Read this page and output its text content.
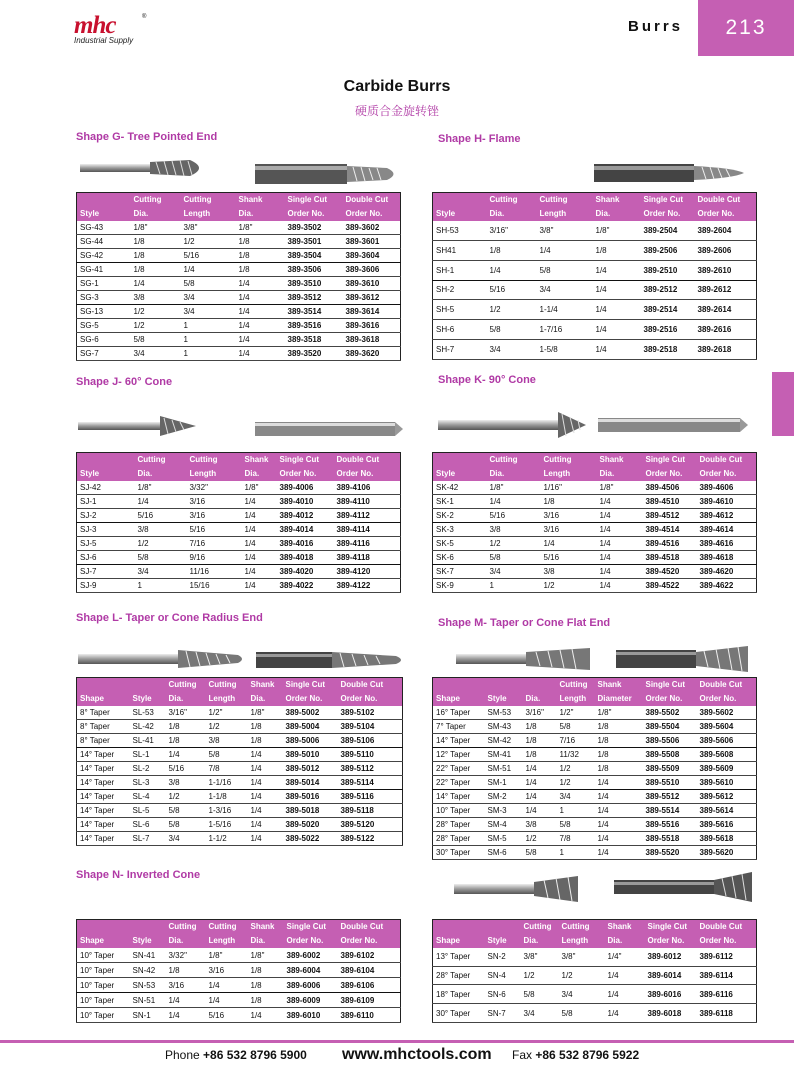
mhc	®
Industrial Supply
Burrs	213
Carbide Burrs
硬质合金旋转锉
Shape G- Tree Pointed End	Shape H- Flame
Shape J- 60° Cone	Shape K- 90° Cone
Shape L- Taper or Cone Radius End	Shape M- Taper or Cone Flat End
Shape N- Inverted Cone
	Cutting	Cutting	Shank	Single Cut	Double Cut
Style	Dia.	Length	Dia.	Order No.	Order No.
SG-43	1/8"	3/8"	1/8"	389-3502	389-3602
SG-44	1/8	1/2	1/8	389-3501	389-3601
SG-42	1/8	5/16	1/8	389-3504	389-3604
SG-41	1/8	1/4	1/8	389-3506	389-3606
SG-1	1/4	5/8	1/4	389-3510	389-3610
SG-3	3/8	3/4	1/4	389-3512	389-3612
SG-13	1/2	3/4	1/4	389-3514	389-3614
SG-5	1/2	1	1/4	389-3516	389-3616
SG-6	5/8	1	1/4	389-3518	389-3618
SG-7	3/4	1	1/4	389-3520	389-3620
	Cutting	Cutting	Shank	Single Cut	Double Cut
Style	Dia.	Length	Dia.	Order No.	Order No.
SH-53	3/16"	3/8"	1/8"	389-2504	389-2604
SH41	1/8	1/4	1/8	389-2506	389-2606
SH-1	1/4	5/8	1/4	389-2510	389-2610
SH-2	5/16	3/4	1/4	389-2512	389-2612
SH-5	1/2	1-1/4	1/4	389-2514	389-2614
SH-6	5/8	1-7/16	1/4	389-2516	389-2616
SH-7	3/4	1-5/8	1/4	389-2518	389-2618
	Cutting	Cutting	Shank	Single Cut	Double Cut
Style	Dia.	Length	Dia.	Order No.	Order No.
SJ-42	1/8"	3/32"	1/8"	389-4006	389-4106
SJ-1	1/4	3/16	1/4	389-4010	389-4110
SJ-2	5/16	3/16	1/4	389-4012	389-4112
SJ-3	3/8	5/16	1/4	389-4014	389-4114
SJ-5	1/2	7/16	1/4	389-4016	389-4116
SJ-6	5/8	9/16	1/4	389-4018	389-4118
SJ-7	3/4	11/16	1/4	389-4020	389-4120
SJ-9	1	15/16	1/4	389-4022	389-4122
	Cutting	Cutting	Shank	Single Cut	Double Cut
Style	Dia.	Length	Dia.	Order No.	Order No.
SK-42	1/8"	1/16"	1/8"	389-4506	389-4606
SK-1	1/4	1/8	1/4	389-4510	389-4610
SK-2	5/16	3/16	1/4	389-4512	389-4612
SK-3	3/8	3/16	1/4	389-4514	389-4614
SK-5	1/2	1/4	1/4	389-4516	389-4616
SK-6	5/8	5/16	1/4	389-4518	389-4618
SK-7	3/4	3/8	1/4	389-4520	389-4620
SK-9	1	1/2	1/4	389-4522	389-4622
		Cutting	Cutting	Shank	Single Cut	Double Cut
Shape	Style	Dia.	Length	Dia.	Order No.	Order No.
8° Taper	SL-53	3/16"	1/2"	1/8"	389-5002	389-5102
8° Taper	SL-42	1/8	1/2	1/8	389-5004	389-5104
8° Taper	SL-41	1/8	3/8	1/8	389-5006	389-5106
14° Taper	SL-1	1/4	5/8	1/4	389-5010	389-5110
14° Taper	SL-2	5/16	7/8	1/4	389-5012	389-5112
14° Taper	SL-3	3/8	1-1/16	1/4	389-5014	389-5114
14° Taper	SL-4	1/2	1-1/8	1/4	389-5016	389-5116
14° Taper	SL-5	5/8	1-3/16	1/4	389-5018	389-5118
14° Taper	SL-6	5/8	1-5/16	1/4	389-5020	389-5120
14° Taper	SL-7	3/4	1-1/2	1/4	389-5022	389-5122
			Cutting	Shank	Single Cut	Double Cut
Shape	Style	Dia.	Length	Diameter	Order No.	Order No.
16° Taper	SM-53	3/16"	1/2"	1/8"	389-5502	389-5602
7° Taper	SM-43	1/8	5/8	1/8	389-5504	389-5604
14° Taper	SM-42	1/8	7/16	1/8	389-5506	389-5606
12° Taper	SM-41	1/8	11/32	1/8	389-5508	389-5608
22° Taper	SM-51	1/4	1/2	1/8	389-5509	389-5609
22° Taper	SM-1	1/4	1/2	1/4	389-5510	389-5610
14° Taper	SM-2	1/4	3/4	1/4	389-5512	389-5612
10° Taper	SM-3	1/4	1	1/4	389-5514	389-5614
28° Taper	SM-4	3/8	5/8	1/4	389-5516	389-5616
28° Taper	SM-5	1/2	7/8	1/4	389-5518	389-5618
30° Taper	SM-6	5/8	1	1/4	389-5520	389-5620
		Cutting	Cutting	Shank	Single Cut	Double Cut
Shape	Style	Dia.	Length	Dia.	Order No.	Order No.
10° Taper	SN-41	3/32"	1/8"	1/8"	389-6002	389-6102
10° Taper	SN-42	1/8	3/16	1/8	389-6004	389-6104
10° Taper	SN-53	3/16	1/4	1/8	389-6006	389-6106
10° Taper	SN-51	1/4	1/4	1/8	389-6009	389-6109
10° Taper	SN-1	1/4	5/16	1/4	389-6010	389-6110
		Cutting	Cutting	Shank	Single Cut	Double Cut
Shape	Style	Dia.	Length	Dia.	Order No.	Order No.
13° Taper	SN-2	3/8"	3/8"	1/4"	389-6012	389-6112
28° Taper	SN-4	1/2	1/2	1/4	389-6014	389-6114
18° Taper	SN-6	5/8	3/4	1/4	389-6016	389-6116
30° Taper	SN-7	3/4	5/8	1/4	389-6018	389-6118
Phone +86 532 8796 5900 www.mhctools.com Fax +86 532 8796 5922
